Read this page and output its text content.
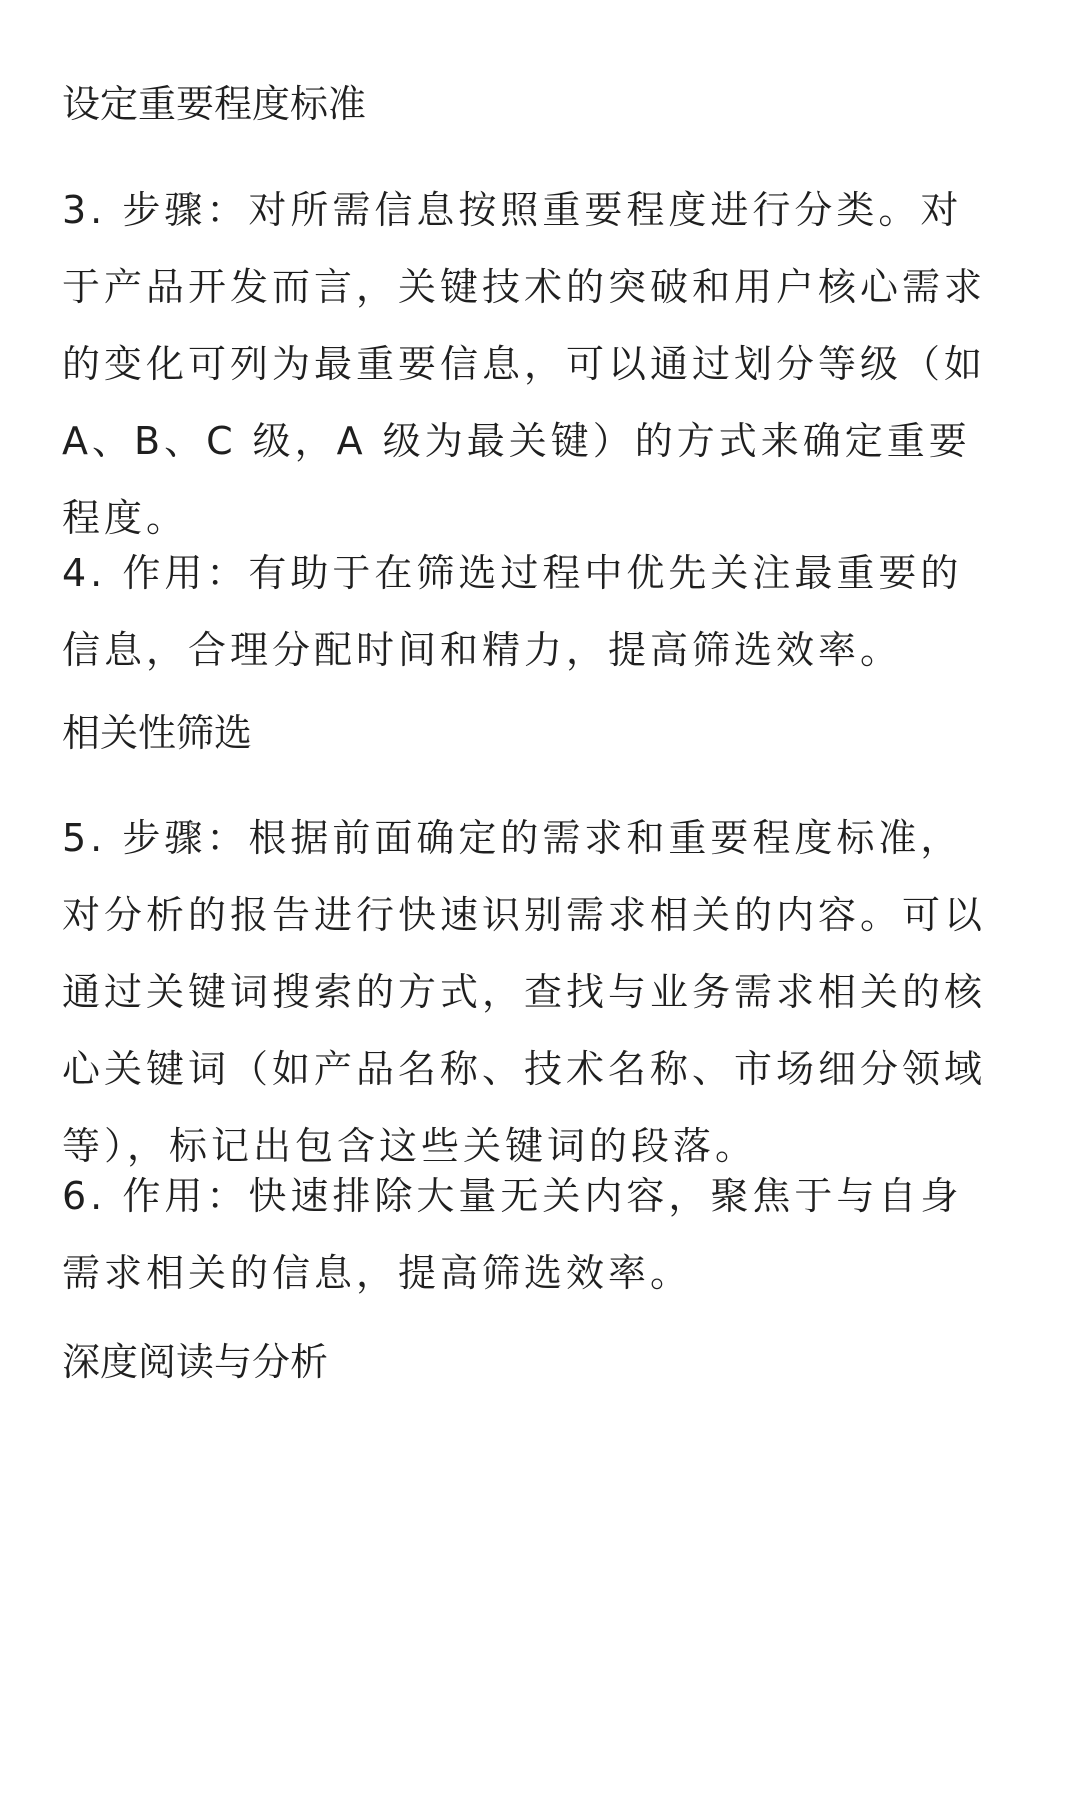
设定重要程度标准
3. 步骤：对所需信息按照重要程度进行分类。对
于产品开发而言，关键技术的突破和用户核心需求
的变化可列为最重要信息，可以通过划分等级（如
A、B、C 级，A 级为最关键）的方式来确定重要
程度。
4. 作用：有助于在筛选过程中优先关注最重要的
信息，合理分配时间和精力，提高筛选效率。
相关性筛选
5. 步骤：根据前面确定的需求和重要程度标准，
对分析的报告进行快速识别需求相关的内容。可以
通过关键词搜索的方式，查找与业务需求相关的核
心关键词（如产品名称、技术名称、市场细分领域
等），标记出包含这些关键词的段落。
6. 作用：快速排除大量无关内容，聚焦于与自身
需求相关的信息，提高筛选效率。
深度阅读与分析
